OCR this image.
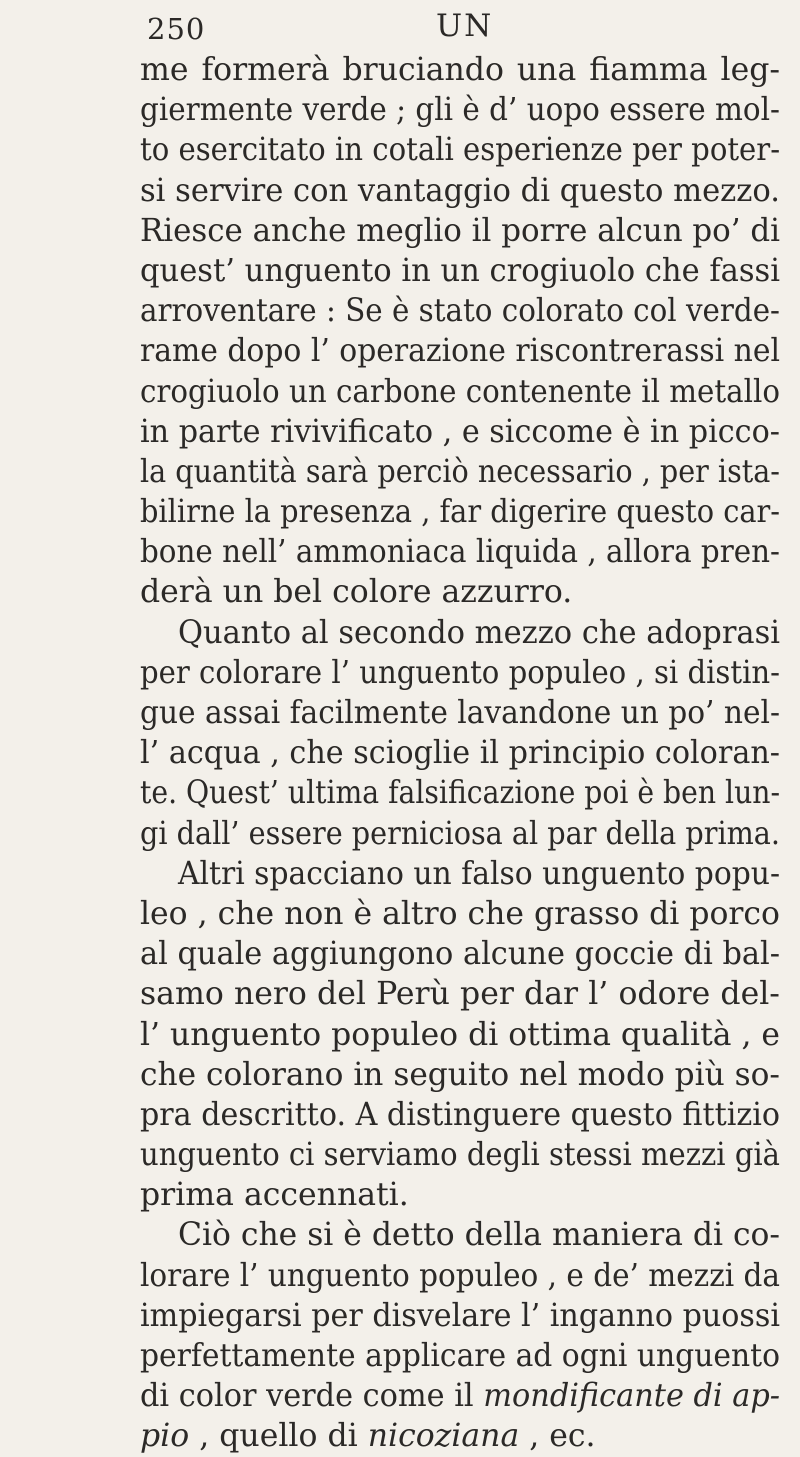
250	UN
me formerà bruciando una fiamma leg-
giermente verde ; gli è d’ uopo essere mol-
to esercitato in cotali esperienze per poter-
si servire con vantaggio di questo mezzo.
Riesce anche meglio il porre alcun po’ di
quest’ unguento in un crogiuolo che fassi
arroventare : Se è stato colorato col verde-
rame dopo l’ operazione riscontrerassi nel
crogiuolo un carbone contenente il metallo
in parte rivivificato , e siccome è in picco-
la quantità sarà perciò necessario , per ista-
bilirne la presenza , far digerire questo car-
bone nell’ ammoniaca liquida , allora pren-
derà un bel colore azzurro.
Quanto al secondo mezzo che adoprasi
per colorare l’ unguento populeo , si distin-
gue assai facilmente lavandone un po’ nel-
l’ acqua , che scioglie il principio coloran-
te. Quest’ ultima falsificazione poi è ben lun-
gi dall’ essere perniciosa al par della prima.
Altri spacciano un falso unguento popu-
leo , che non è altro che grasso di porco
al quale aggiungono alcune goccie di bal-
samo nero del Perù per dar l’ odore del-
l’ unguento populeo di ottima qualità , e
che colorano in seguito nel modo più so-
pra descritto. A distinguere questo fittizio
unguento ci serviamo degli stessi mezzi già
prima accennati.
Ciò che si è detto della maniera di co-
lorare l’ unguento populeo , e de’ mezzi da
impiegarsi per disvelare l’ inganno puossi
perfettamente applicare ad ogni unguento
di color verde come il mondificante di ap-
pio , quello di nicoziana , ec.
